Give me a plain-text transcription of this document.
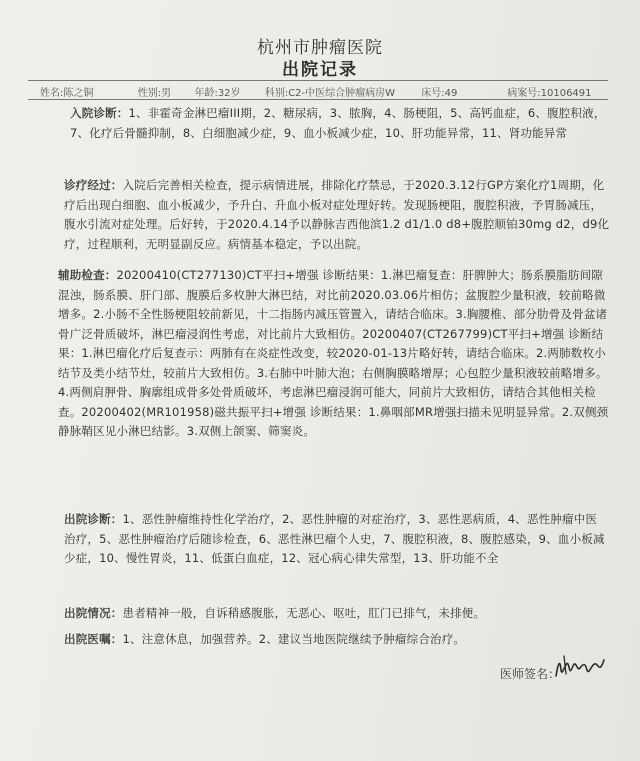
杭州市肿瘤医院
出院记录
姓名:陈之铜	性别:男	年龄:32岁	科别:C2-中医综合肿瘤病房W	床号:49	病案号:10106491
入院诊断：1、非霍奇金淋巴瘤III期，2、糖尿病，3、脓胸，4、肠梗阻，5、高钙血症，6、腹腔积液，7、化疗后骨髓抑制，8、白细胞减少症，9、血小板减少症，10、肝功能异常，11、肾功能异常
诊疗经过：入院后完善相关检查，提示病情进展，排除化疗禁忌，于2020.3.12行GP方案化疗1周期，化疗后出现白细胞、血小板减少，予升白、升血小板对症处理好转。发现肠梗阻，腹腔积液，予胃肠减压，腹水引流对症处理。后好转，于2020.4.14予以静脉吉西他滨1.2 d1/1.0 d8+腹腔顺铂30mg d2，d9化疗，过程顺利，无明显副反应。病情基本稳定，予以出院。
辅助检查：20200410(CT277130)CT平扫+增强 诊断结果：1.淋巴瘤复查：肝脾肿大；肠系膜脂肪间隙混浊，肠系膜、肝门部、腹膜后多枚肿大淋巴结，对比前2020.03.06片相仿；盆腹腔少量积液，较前略微增多。2.小肠不全性肠梗阻较前新见，十二指肠内减压管置入，请结合临床。3.胸腰椎、部分肋骨及骨盆诸骨广泛骨质破坏，淋巴瘤浸润性考虑，对比前片大致相仿。20200407(CT267799)CT平扫+增强 诊断结果：1.淋巴瘤化疗后复查示：两肺有在炎症性改变，较2020-01-13片略好转，请结合临床。2.两肺数枚小结节及类小结节灶，较前片大致相仿。3.右肺中叶肺大泡；右侧胸膜略增厚；心包腔少量积液较前略增多。4.两侧肩胛骨、胸廓组成骨多处骨质破坏，考虑淋巴瘤浸润可能大，同前片大致相仿，请结合其他相关检查。20200402(MR101958)磁共振平扫+增强 诊断结果：1.鼻咽部MR增强扫描未见明显异常。2.双侧颈静脉鞘区见小淋巴结影。3.双侧上颌窦、筛窦炎。
出院诊断：1、恶性肿瘤维持性化学治疗，2、恶性肿瘤的对症治疗，3、恶性恶病质，4、恶性肿瘤中医治疗，5、恶性肿瘤治疗后随诊检查，6、恶性淋巴瘤个人史，7、腹腔积液，8、腹腔感染，9、血小板减少症，10、慢性胃炎，11、低蛋白血症，12、冠心病心律失常型，13、肝功能不全
出院情况：患者精神一般，自诉稍感腹胀，无恶心、呕吐，肛门已排气，未排便。
出院医嘱：1、注意休息，加强营养。2、建议当地医院继续予肿瘤综合治疗。
医师签名：
